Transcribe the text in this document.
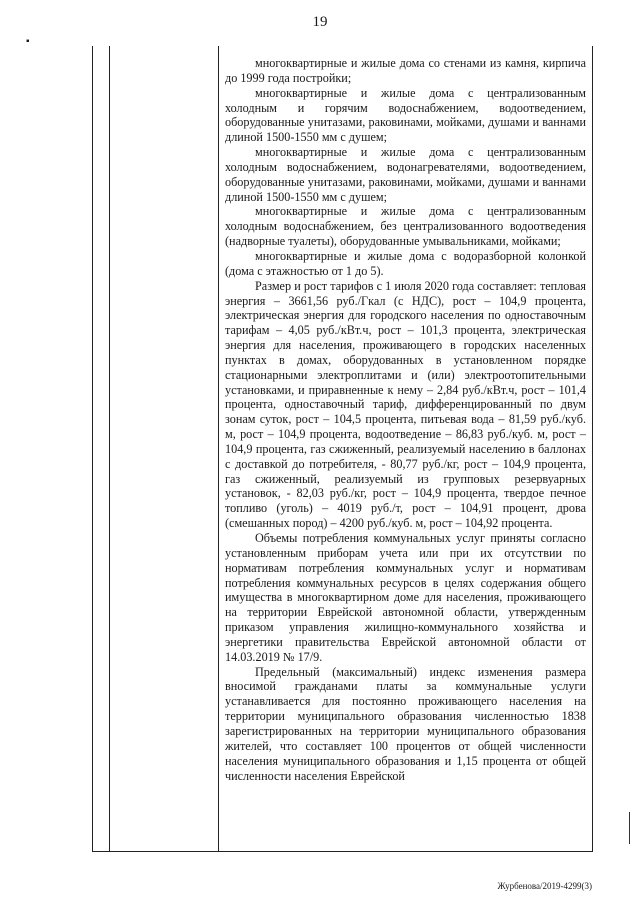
19
▪

многоквартирные и жилые дома со стенами из камня, кирпича до 1999 года постройки;

многоквартирные и жилые дома с централизованным холодным и горячим водоснабжением, водоотведением, оборудованные унитазами, раковинами, мойками, душами и ваннами длиной 1500-1550 мм с душем;

многоквартирные и жилые дома с централизованным холодным водоснабжением, водонагревателями, водоотведением, оборудованные унитазами, раковинами, мойками, душами и ваннами длиной 1500-1550 мм с душем;

многоквартирные и жилые дома с централизованным холодным водоснабжением, без централизованного водоотведения (надворные туалеты), оборудованные умывальниками, мойками;

многоквартирные и жилые дома с водоразборной колонкой (дома с этажностью от 1 до 5).

Размер и рост тарифов с 1 июля 2020 года составляет: тепловая энергия – 3661,56 руб./Гкал (с НДС), рост – 104,9 процента, электрическая энергия для городского населения по одноставочным тарифам – 4,05 руб./кВт.ч, рост – 101,3 процента, электрическая энергия для населения, проживающего в городских населенных пунктах в домах, оборудованных в установленном порядке стационарными электроплитами и (или) электроотопительными установками, и приравненные к нему – 2,84 руб./кВт.ч, рост – 101,4 процента, одноставочный тариф, дифференцированный по двум зонам суток, рост – 104,5 процента, питьевая вода – 81,59 руб./куб. м, рост – 104,9 процента, водоотведение – 86,83 руб./куб. м, рост – 104,9 процента, газ сжиженный, реализуемый населению в баллонах с доставкой до потребителя, - 80,77 руб./кг, рост – 104,9 процента, газ сжиженный, реализуемый из групповых резервуарных установок, - 82,03 руб./кг, рост – 104,9 процента, твердое печное топливо (уголь) – 4019 руб./т, рост – 104,91 процент, дрова (смешанных пород) – 4200 руб./куб. м, рост – 104,92 процента.

Объемы потребления коммунальных услуг приняты согласно установленным приборам учета или при их отсутствии по нормативам потребления коммунальных услуг и нормативам потребления коммунальных ресурсов в целях содержания общего имущества в многоквартирном доме для населения, проживающего на территории Еврейской автономной области, утвержденным приказом управления жилищно-коммунального хозяйства и энергетики правительства Еврейской автономной области от 14.03.2019 № 17/9.

Предельный (максимальный) индекс изменения размера вносимой гражданами платы за коммунальные услуги устанавливается для постоянно проживающего населения на территории муниципального образования численностью 1838 зарегистрированных на территории муниципального образования жителей, что составляет 100 процентов от общей численности населения муниципального образования и 1,15 процента от общей численности населения Еврейской

Журбенова/2019-4299(3)
